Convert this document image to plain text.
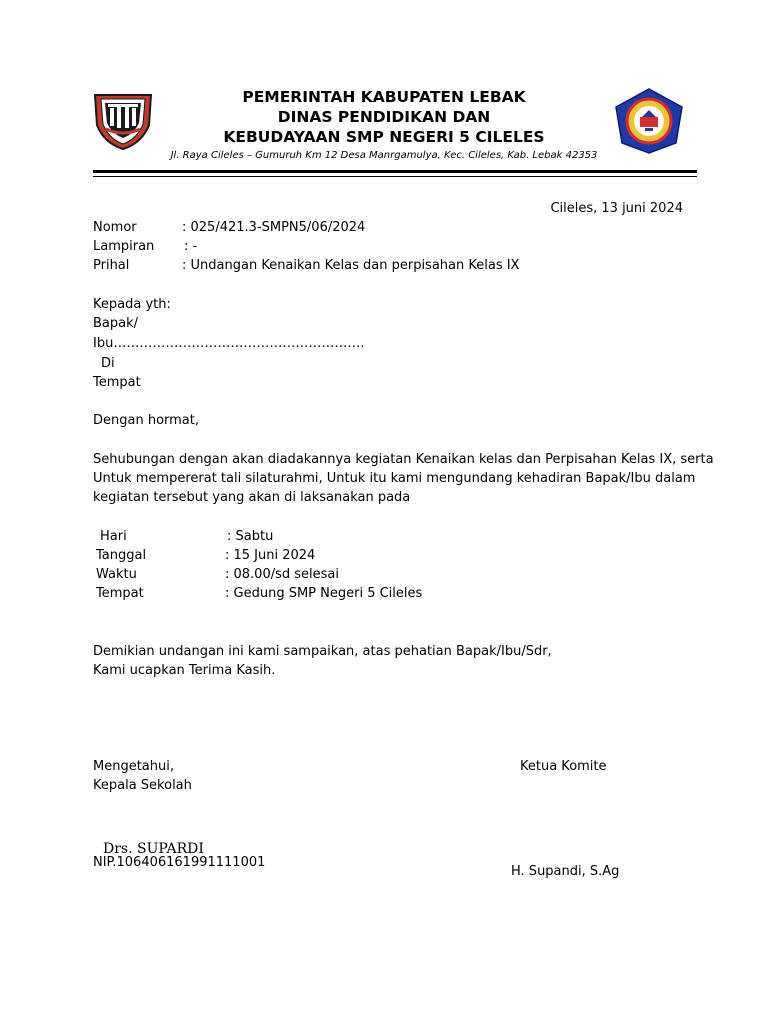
PEMERINTAH KABUPATEN LEBAK
DINAS PENDIDIKAN DAN
KEBUDAYAAN SMP NEGERI 5 CILELES
Jl. Raya Cileles – Gumuruh Km 12 Desa Manrgamulya, Kec. Cileles, Kab. Lebak 42353
Cileles, 13 juni 2024
Nomor	: 025/421.3-SMPN5/06/2024
Lampiran : -
Prihal	: Undangan Kenaikan Kelas dan perpisahan Kelas IX
Kepada yth:
Bapak/
Ibu………………………………………………….
Di
Tempat
Dengan hormat,
Sehubungan dengan akan diadakannya kegiatan Kenaikan kelas dan Perpisahan Kelas IX, serta
Untuk mempererat tali silaturahmi, Untuk itu kami mengundang kehadiran Bapak/Ibu dalam
kegiatan tersebut yang akan di laksanakan pada
Hari	: Sabtu
Tanggal	: 15 Juni 2024
Waktu	: 08.00/sd selesai
Tempat	: Gedung SMP Negeri 5 Cileles
Demikian undangan ini kami sampaikan, atas pehatian Bapak/Ibu/Sdr,
Kami ucapkan Terima Kasih.
Mengetahui,
Kepala Sekolah
Ketua Komite
Drs. SUPARDI
NIP.106406161991111001
H. Supandi, S.Ag
